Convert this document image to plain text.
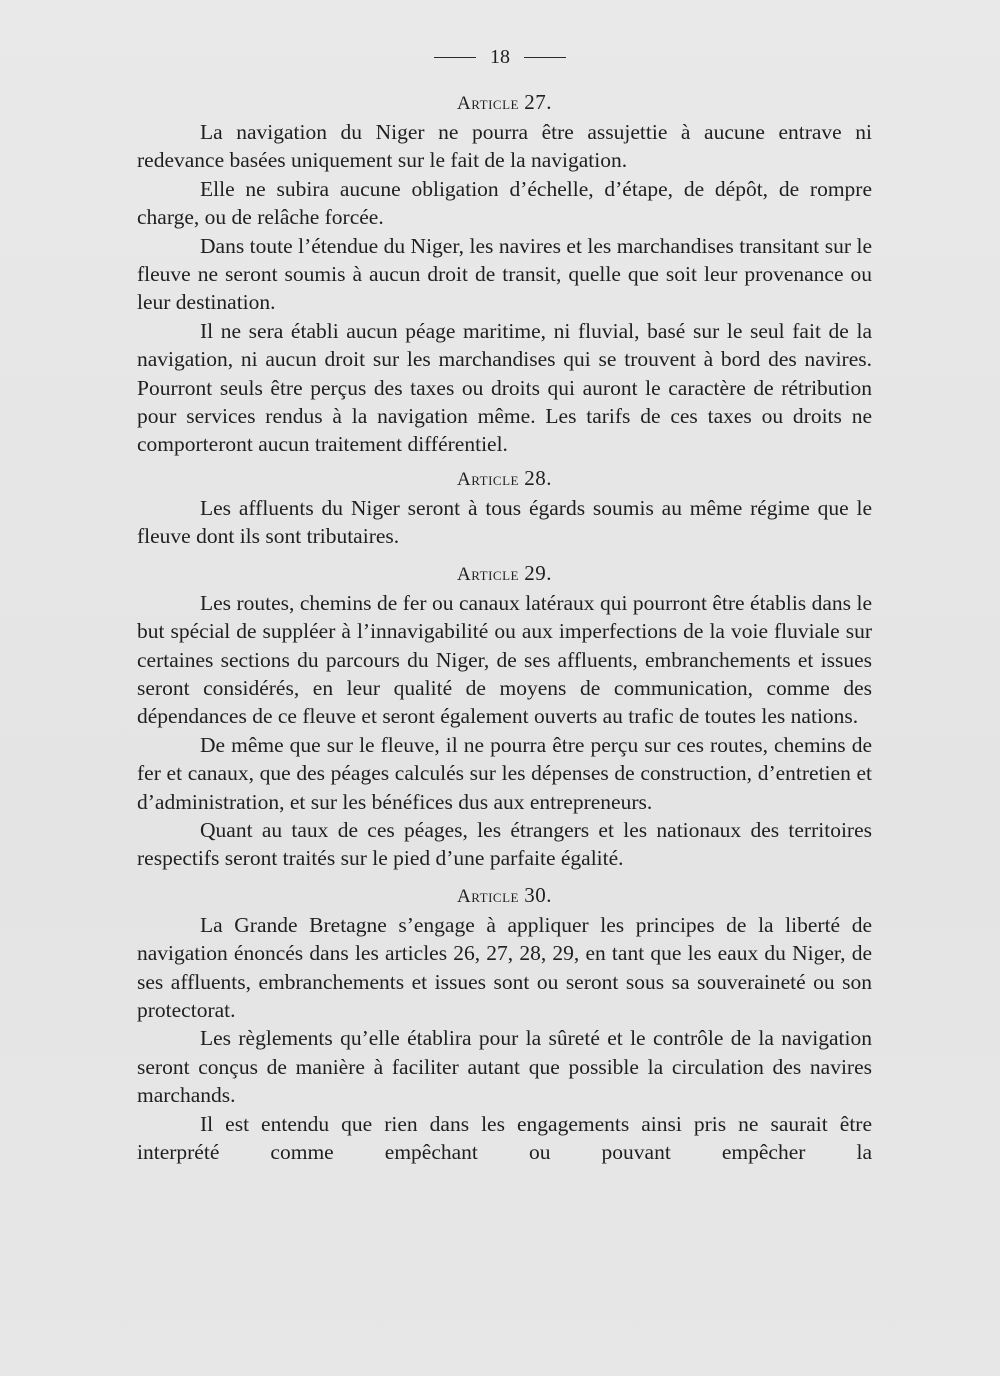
18
Article 27.

La navigation du Niger ne pourra être assujettie à aucune entrave ni redevance basées uniquement sur le fait de la navigation.

Elle ne subira aucune obligation d’échelle, d’étape, de dépôt, de rompre charge, ou de relâche forcée.

Dans toute l’étendue du Niger, les navires et les marchandises transitant sur le fleuve ne seront soumis à aucun droit de transit, quelle que soit leur provenance ou leur destination.

Il ne sera établi aucun péage maritime, ni fluvial, basé sur le seul fait de la navigation, ni aucun droit sur les marchandises qui se trouvent à bord des navires. Pourront seuls être perçus des taxes ou droits qui auront le caractère de rétribution pour services rendus à la navigation même. Les tarifs de ces taxes ou droits ne comporteront aucun traitement différentiel.

Article 28.

Les affluents du Niger seront à tous égards soumis au même régime que le fleuve dont ils sont tributaires.

Article 29.

Les routes, chemins de fer ou canaux latéraux qui pourront être établis dans le but spécial de suppléer à l’innavigabilité ou aux imperfections de la voie fluviale sur certaines sections du parcours du Niger, de ses affluents, embranchements et issues seront considérés, en leur qualité de moyens de communication, comme des dépendances de ce fleuve et seront également ouverts au trafic de toutes les nations.

De même que sur le fleuve, il ne pourra être perçu sur ces routes, chemins de fer et canaux, que des péages calculés sur les dépenses de construction, d’entretien et d’administration, et sur les bénéfices dus aux entrepreneurs.

Quant au taux de ces péages, les étrangers et les nationaux des territoires respectifs seront traités sur le pied d’une parfaite égalité.

Article 30.

La Grande Bretagne s’engage à appliquer les principes de la liberté de navigation énoncés dans les articles 26, 27, 28, 29, en tant que les eaux du Niger, de ses affluents, embranchements et issues sont ou seront sous sa souveraineté ou son protectorat.

Les règlements qu’elle établira pour la sûreté et le contrôle de la navigation seront conçus de manière à faciliter autant que possible la circulation des navires marchands.

Il est entendu que rien dans les engagements ainsi pris ne saurait être interprété comme empêchant ou pouvant empêcher la
